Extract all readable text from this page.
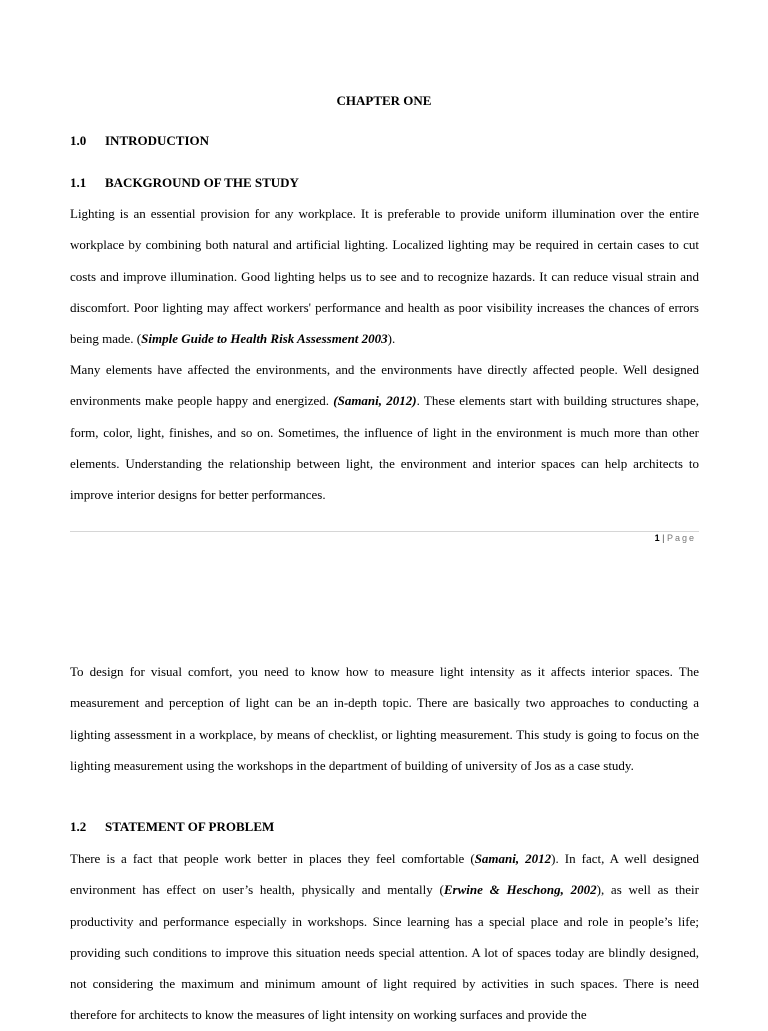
CHAPTER ONE
1.0 INTRODUCTION
1.1 BACKGROUND OF THE STUDY
Lighting is an essential provision for any workplace. It is preferable to provide uniform illumination over the entire workplace by combining both natural and artificial lighting. Localized lighting may be required in certain cases to cut costs and improve illumination. Good lighting helps us to see and to recognize hazards. It can reduce visual strain and discomfort. Poor lighting may affect workers' performance and health as poor visibility increases the chances of errors being made. (Simple Guide to Health Risk Assessment 2003).
Many elements have affected the environments, and the environments have directly affected people. Well designed environments make people happy and energized. (Samani, 2012). These elements start with building structures shape, form, color, light, finishes, and so on. Sometimes, the influence of light in the environment is much more than other elements. Understanding the relationship between light, the environment and interior spaces can help architects to improve interior designs for better performances.
1 | Page
To design for visual comfort, you need to know how to measure light intensity as it affects interior spaces. The measurement and perception of light can be an in-depth topic. There are basically two approaches to conducting a lighting assessment in a workplace, by means of checklist, or lighting measurement. This study is going to focus on the lighting measurement using the workshops in the department of building of university of Jos as a case study.
1.2 STATEMENT OF PROBLEM
There is a fact that people work better in places they feel comfortable (Samani, 2012). In fact, A well designed environment has effect on user’s health, physically and mentally (Erwine & Heschong, 2002), as well as their productivity and performance especially in workshops. Since learning has a special place and role in people’s life; providing such conditions to improve this situation needs special attention. A lot of spaces today are blindly designed, not considering the maximum and minimum amount of light required by activities in such spaces. There is need therefore for architects to know the measures of light intensity on working surfaces and provide the
